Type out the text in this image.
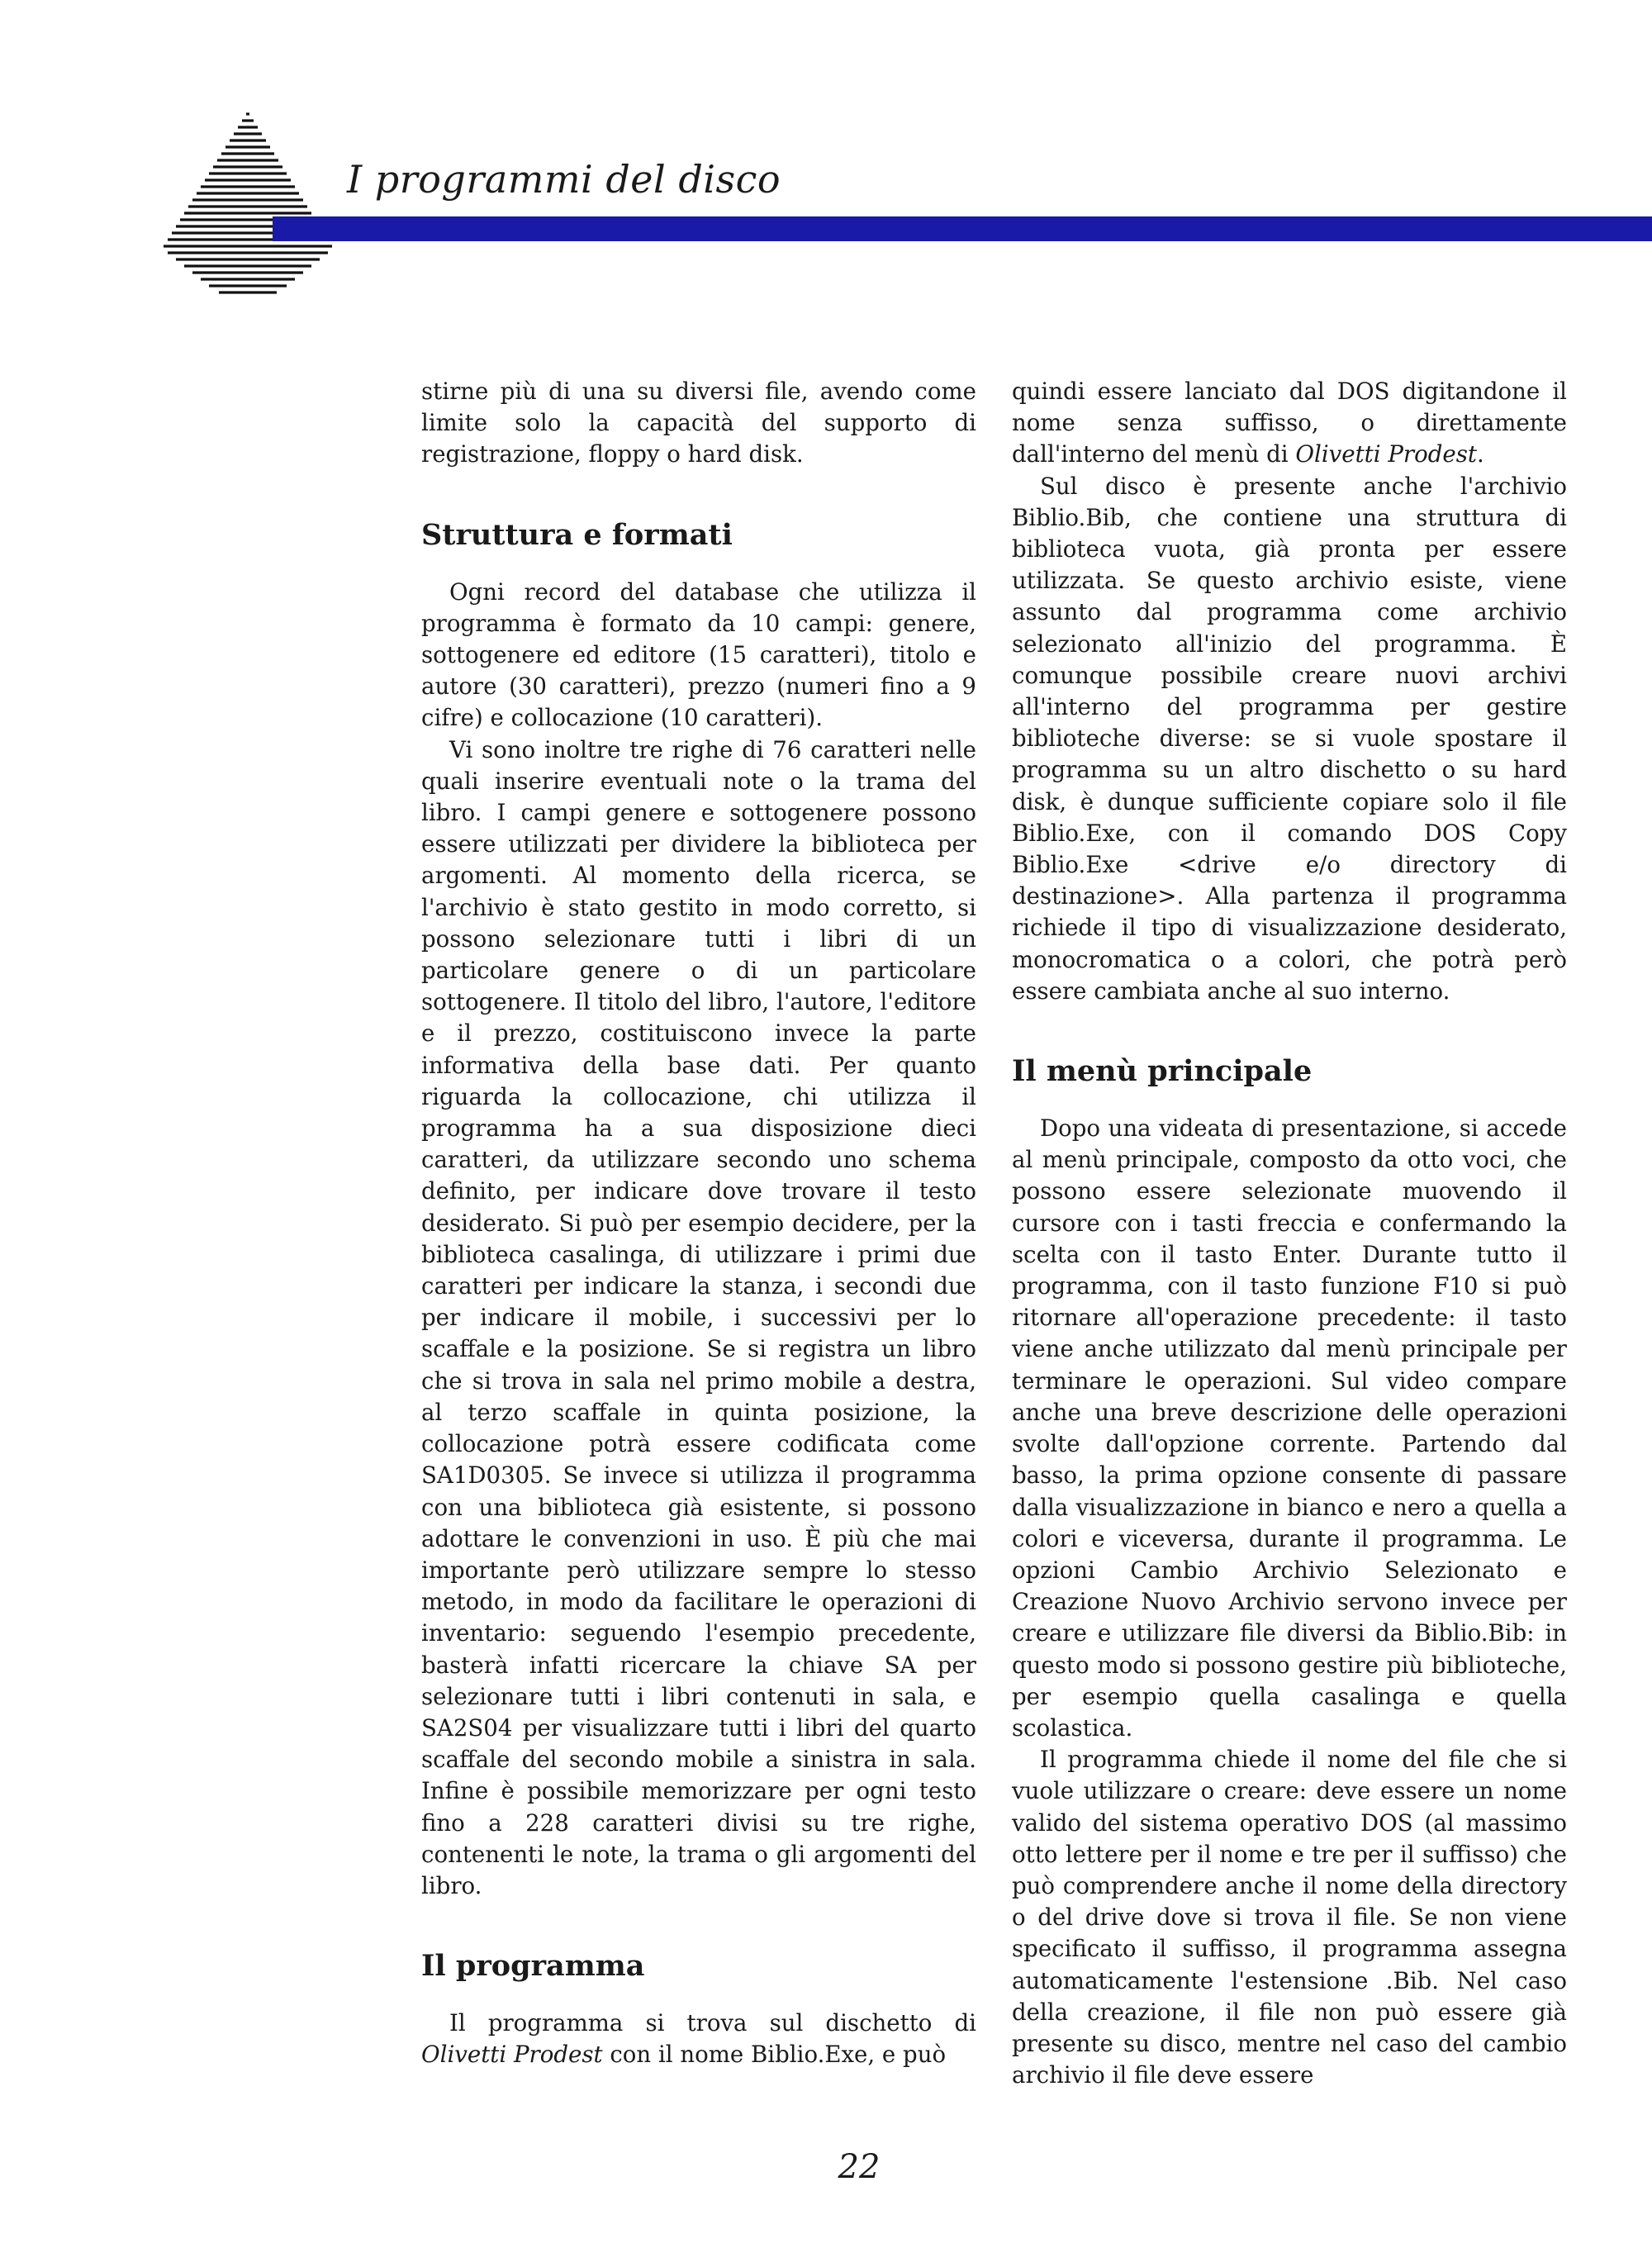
I programmi del disco

stirne più di una su diversi file, avendo come limite solo la capacità del supporto di registrazione, floppy o hard disk.

Struttura e formati

Ogni record del database che utilizza il programma è formato da 10 campi: genere, sottogenere ed editore (15 caratteri), titolo e autore (30 caratteri), prezzo (numeri fino a 9 cifre) e collocazione (10 caratteri).

Vi sono inoltre tre righe di 76 caratteri nelle quali inserire eventuali note o la trama del libro. I campi genere e sottogenere possono essere utilizzati per dividere la biblioteca per argomenti. Al momento della ricerca, se l'archivio è stato gestito in modo corretto, si possono selezionare tutti i libri di un particolare genere o di un particolare sottogenere. Il titolo del libro, l'autore, l'editore e il prezzo, costituiscono invece la parte informativa della base dati. Per quanto riguarda la collocazione, chi utilizza il programma ha a sua disposizione dieci caratteri, da utilizzare secondo uno schema definito, per indicare dove trovare il testo desiderato. Si può per esempio decidere, per la biblioteca casalinga, di utilizzare i primi due caratteri per indicare la stanza, i secondi due per indicare il mobile, i successivi per lo scaffale e la posizione. Se si registra un libro che si trova in sala nel primo mobile a destra, al terzo scaffale in quinta posizione, la collocazione potrà essere codificata come SA1D0305. Se invece si utilizza il programma con una biblioteca già esistente, si possono adottare le convenzioni in uso. È più che mai importante però utilizzare sempre lo stesso metodo, in modo da facilitare le operazioni di inventario: seguendo l'esempio precedente, basterà infatti ricercare la chiave SA per selezionare tutti i libri contenuti in sala, e SA2S04 per visualizzare tutti i libri del quarto scaffale del secondo mobile a sinistra in sala. Infine è possibile memorizzare per ogni testo fino a 228 caratteri divisi su tre righe, contenenti le note, la trama o gli argomenti del libro.

Il programma

Il programma si trova sul dischetto di Olivetti Prodest con il nome Biblio.Exe, e può

quindi essere lanciato dal DOS digitandone il nome senza suffisso, o direttamente dall'interno del menù di Olivetti Prodest.

Sul disco è presente anche l'archivio Biblio.Bib, che contiene una struttura di biblioteca vuota, già pronta per essere utilizzata. Se questo archivio esiste, viene assunto dal programma come archivio selezionato all'inizio del programma. È comunque possibile creare nuovi archivi all'interno del programma per gestire biblioteche diverse: se si vuole spostare il programma su un altro dischetto o su hard disk, è dunque sufficiente copiare solo il file Biblio.Exe, con il comando DOS Copy Biblio.Exe <drive e/o directory di destinazione>. Alla partenza il programma richiede il tipo di visualizzazione desiderato, monocromatica o a colori, che potrà però essere cambiata anche al suo interno.

Il menù principale

Dopo una videata di presentazione, si accede al menù principale, composto da otto voci, che possono essere selezionate muovendo il cursore con i tasti freccia e confermando la scelta con il tasto Enter. Durante tutto il programma, con il tasto funzione F10 si può ritornare all'operazione precedente: il tasto viene anche utilizzato dal menù principale per terminare le operazioni. Sul video compare anche una breve descrizione delle operazioni svolte dall'opzione corrente. Partendo dal basso, la prima opzione consente di passare dalla visualizzazione in bianco e nero a quella a colori e viceversa, durante il programma. Le opzioni Cambio Archivio Selezionato e Creazione Nuovo Archivio servono invece per creare e utilizzare file diversi da Biblio.Bib: in questo modo si possono gestire più biblioteche, per esempio quella casalinga e quella scolastica.

Il programma chiede il nome del file che si vuole utilizzare o creare: deve essere un nome valido del sistema operativo DOS (al massimo otto lettere per il nome e tre per il suffisso) che può comprendere anche il nome della directory o del drive dove si trova il file. Se non viene specificato il suffisso, il programma assegna automaticamente l'estensione .Bib. Nel caso della creazione, il file non può essere già presente su disco, mentre nel caso del cambio archivio il file deve essere

22
